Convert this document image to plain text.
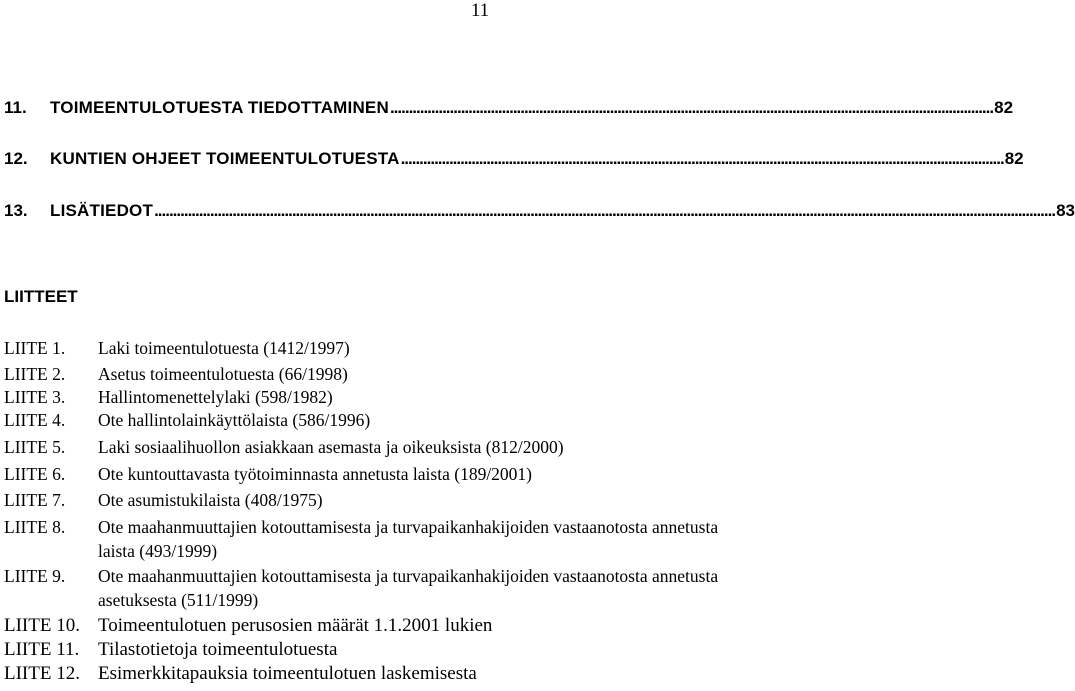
11
11.	TOIMEENTULOTUESTA TIEDOTTAMINEN .................................................................................................................................................................. 82
12.	KUNTIEN OHJEET TOIMEENTULOTUESTA .................................................................................................................................................................. 82
13.	LISÄTIEDOT .................................................................................................................................................................................................................................................. 83
LIITTEET
LIITE 1.	Laki toimeentulotuesta (1412/1997)
LIITE 2.	Asetus toimeentulotuesta (66/1998)
LIITE 3.	Hallintomenettelylaki (598/1982)
LIITE 4.	Ote hallintolainkäyttölaista (586/1996)
LIITE 5.	Laki sosiaalihuollon asiakkaan asemasta ja oikeuksista (812/2000)
LIITE 6.	Ote kuntouttavasta työtoiminnasta annetusta laista (189/2001)
LIITE 7.	Ote asumistukilaista (408/1975)
LIITE 8.	Ote maahanmuuttajien kotouttamisesta ja turvapaikanhakijoiden vastaanotosta annetusta
laista (493/1999)
LIITE 9.	Ote maahanmuuttajien kotouttamisesta ja turvapaikanhakijoiden vastaanotosta annetusta
asetuksesta (511/1999)
LIITE 10. Toimeentulotuen perusosien määrät 1.1.2001 lukien
LIITE 11. Tilastotietoja toimeentulotuesta
LIITE 12. Esimerkkitapauksia toimeentulotuen laskemisesta
